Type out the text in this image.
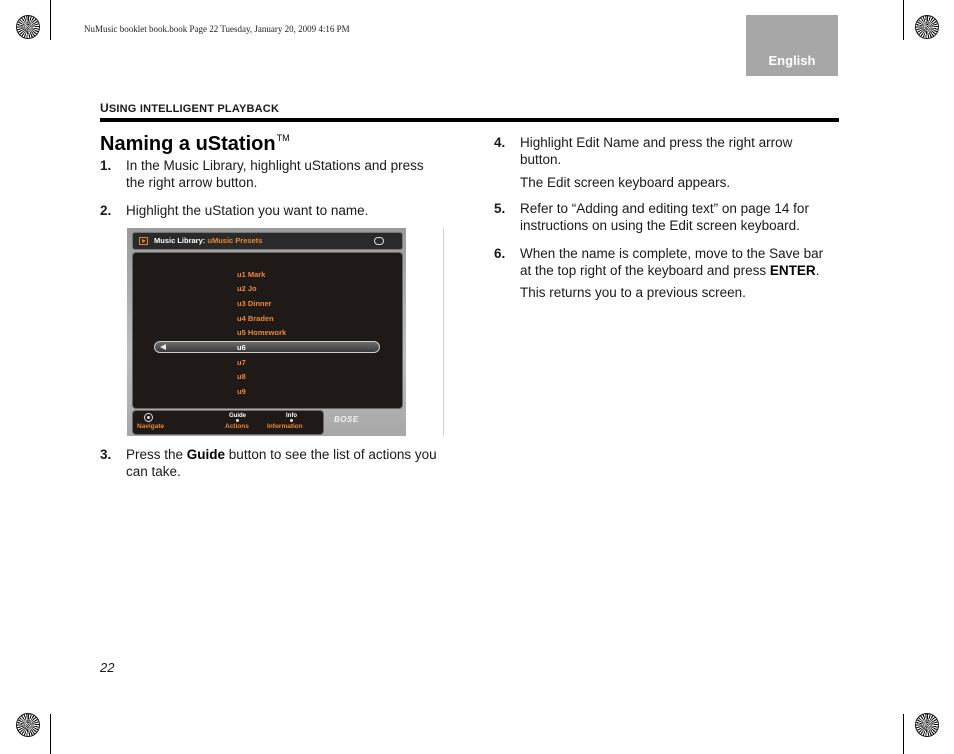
NuMusic booklet book.book Page 22 Tuesday, January 20, 2009 4:16 PM
English
USING INTELLIGENT PLAYBACK
Naming a uStation™
1. In the Music Library, highlight uStations and press the right arrow button.
2. Highlight the uStation you want to name.
Music Library: uMusic Presets
u1 Mark
u2 Jo
u3 Dinner
u4 Braden
u5 Homework
u6
u7
u8
u9
Navigate
Guide
Actions
Info
Information
BOSE
3. Press the Guide button to see the list of actions you can take.
4. Highlight Edit Name and press the right arrow button.
The Edit screen keyboard appears.
5. Refer to “Adding and editing text” on page 14 for instructions on using the Edit screen keyboard.
6. When the name is complete, move to the Save bar at the top right of the keyboard and press ENTER.
This returns you to a previous screen.
22
